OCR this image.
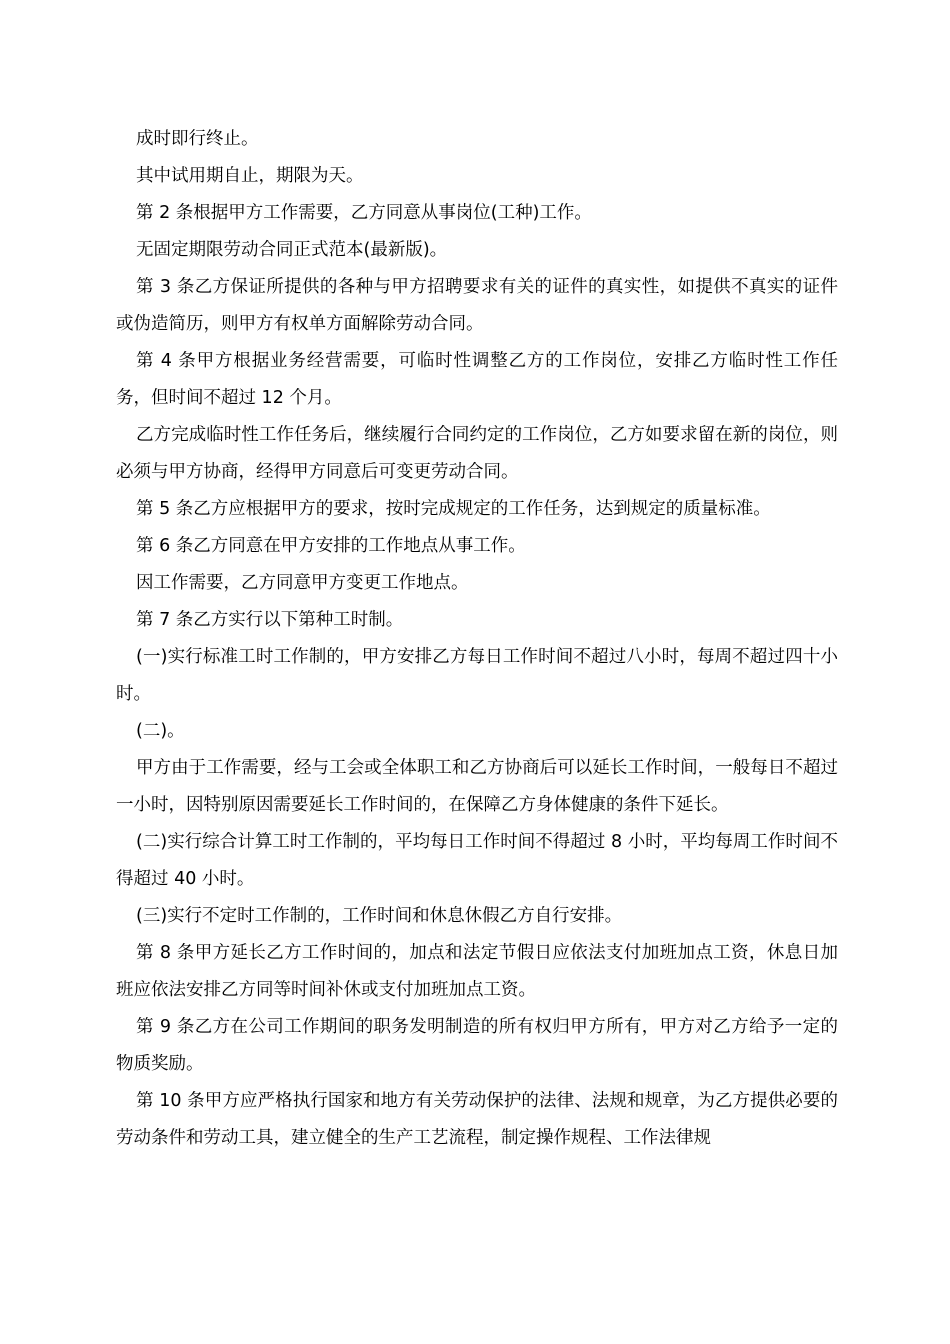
成时即行终止。

其中试用期自止，期限为天。

第 2 条根据甲方工作需要，乙方同意从事岗位(工种)工作。

无固定期限劳动合同正式范本(最新版)。

第 3 条乙方保证所提供的各种与甲方招聘要求有关的证件的真实性，如提供不真实的证件或伪造简历，则甲方有权单方面解除劳动合同。

第 4 条甲方根据业务经营需要，可临时性调整乙方的工作岗位，安排乙方临时性工作任务，但时间不超过 12 个月。

乙方完成临时性工作任务后，继续履行合同约定的工作岗位，乙方如要求留在新的岗位，则必须与甲方协商，经得甲方同意后可变更劳动合同。

第 5 条乙方应根据甲方的要求，按时完成规定的工作任务，达到规定的质量标准。

第 6 条乙方同意在甲方安排的工作地点从事工作。

因工作需要，乙方同意甲方变更工作地点。

第 7 条乙方实行以下第种工时制。

(一)实行标准工时工作制的，甲方安排乙方每日工作时间不超过八小时，每周不超过四十小时。

(二)。

甲方由于工作需要，经与工会或全体职工和乙方协商后可以延长工作时间，一般每日不超过一小时，因特别原因需要延长工作时间的，在保障乙方身体健康的条件下延长。

(二)实行综合计算工时工作制的，平均每日工作时间不得超过 8 小时，平均每周工作时间不得超过 40 小时。

(三)实行不定时工作制的，工作时间和休息休假乙方自行安排。

第 8 条甲方延长乙方工作时间的，加点和法定节假日应依法支付加班加点工资，休息日加班应依法安排乙方同等时间补休或支付加班加点工资。

第 9 条乙方在公司工作期间的职务发明制造的所有权归甲方所有，甲方对乙方给予一定的物质奖励。

第 10 条甲方应严格执行国家和地方有关劳动保护的法律、法规和规章，为乙方提供必要的劳动条件和劳动工具，建立健全的生产工艺流程，制定操作规程、工作法律规
